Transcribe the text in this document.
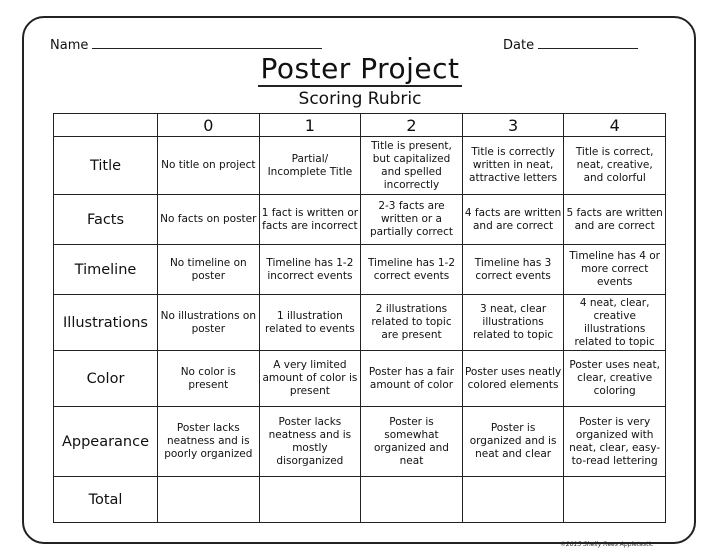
Name	Date
Poster Project
Scoring Rubric
	0	1	2	3	4
Title	No title on project	Partial/ Incomplete Title	Title is present, but capitalized and spelled incorrectly	Title is correctly written in neat, attractive letters	Title is correct, neat, creative, and colorful
Facts	No facts on poster	1 fact is written or facts are incorrect	2-3 facts are written or a partially correct	4 facts are written and are correct	5 facts are written and are correct
Timeline	No timeline on poster	Timeline has 1-2 incorrect events	Timeline has 1-2 correct events	Timeline has 3 correct events	Timeline has 4 or more correct events
Illustrations	No illustrations on poster	1 illustration related to events	2 illustrations related to topic are present	3 neat, clear illustrations related to topic	4 neat, clear, creative illustrations related to topic
Color	No color is present	A very limited amount of color is present	Poster has a fair amount of color	Poster uses neatly colored elements	Poster uses neat, clear, creative coloring
Appearance	Poster lacks neatness and is poorly organized	Poster lacks neatness and is mostly disorganized	Poster is somewhat organized and neat	Poster is organized and is neat and clear	Poster is very organized with neat, clear, easy-to-read lettering
Total					
©2015 Shelly Rees Appletastic
